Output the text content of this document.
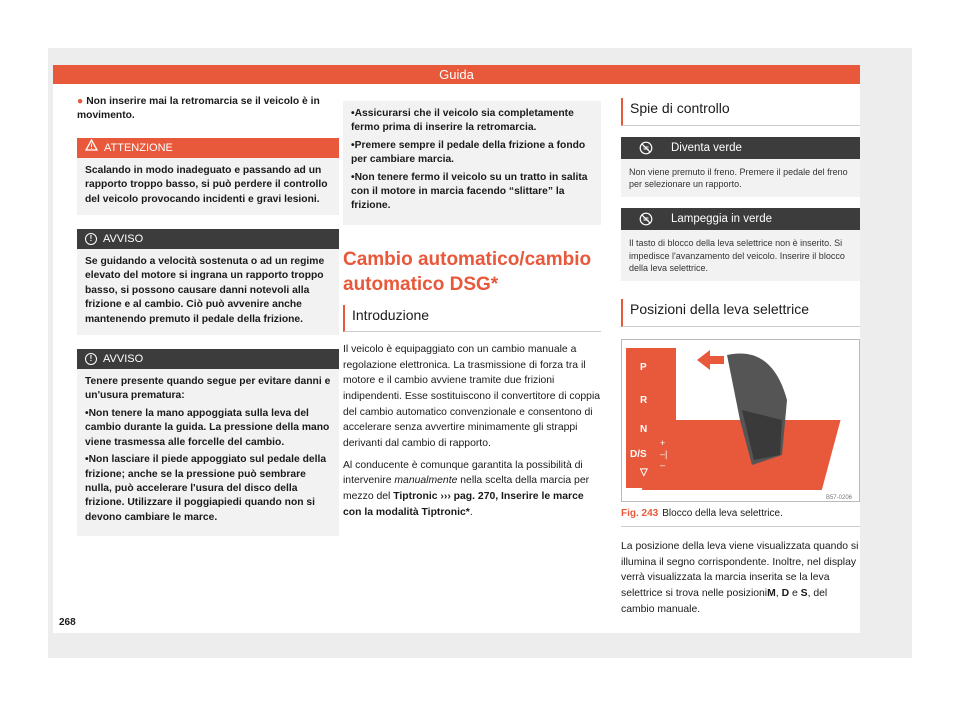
Guida
● Non inserire mai la retromarcia se il veicolo è in movimento.
ATTENZIONE
Scalando in modo inadeguato e passando ad un rapporto troppo basso, si può perdere il controllo del veicolo provocando incidenti e gravi lesioni.
! AVVISO
Se guidando a velocità sostenuta o ad un regime elevato del motore si ingrana un rapporto troppo basso, si possono causare danni notevoli alla frizione e al cambio. Ciò può avvenire anche mantenendo premuto il pedale della frizione.
! AVVISO

Tenere presente quando segue per evitare danni e un'usura prematura:

•Non tenere la mano appoggiata sulla leva del cambio durante la guida. La pressione della mano viene trasmessa alle forcelle del cambio.

•Non lasciare il piede appoggiato sul pedale della frizione; anche se la pressione può sembrare nulla, può accelerare l'usura del disco della frizione. Utilizzare il poggiapiedi quando non si devono cambiare le marce.

268

•Assicurarsi che il veicolo sia completamente fermo prima di inserire la retromarcia.

•Premere sempre il pedale della frizione a fondo per cambiare marcia.

•Non tenere fermo il veicolo su un tratto in salita con il motore in marcia facendo “slittare” la frizione.

Cambio automatico/cambio automatico DSG*
Introduzione
Il veicolo è equipaggiato con un cambio manuale a regolazione elettronica. La trasmissione di forza tra il motore e il cambio avviene tramite due frizioni indipendenti. Esse sostituiscono il convertitore di coppia del cambio automatico convenzionale e consentono di accelerare senza avvertire minimamente gli strappi derivanti dal cambio di rapporto.
Al conducente è comunque garantita la possibilità di intervenire manualmente nella scelta della marcia per mezzo del Tiptronic ››› pag. 270, Inserire le marce con la modalità Tiptronic*.
Spie di controllo
Diventa verde
Non viene premuto il freno. Premere il pedale del freno per selezionare un rapporto.
Lampeggia in verde
Il tasto di blocco della leva selettrice non è inserito. Si impedisce l'avanzamento del veicolo. Inserire il blocco della leva selettrice.
Posizioni della leva selettrice
P
R
N
D/S
▽
+
–|
–
B57-0206
Fig. 243 Blocco della leva selettrice.
La posizione della leva viene visualizzata quando si illumina il segno corrispondente. Inoltre, nel display verrà visualizzata la marcia inserita se la leva selettrice si trova nelle posizioniM, D e S, del cambio manuale.
